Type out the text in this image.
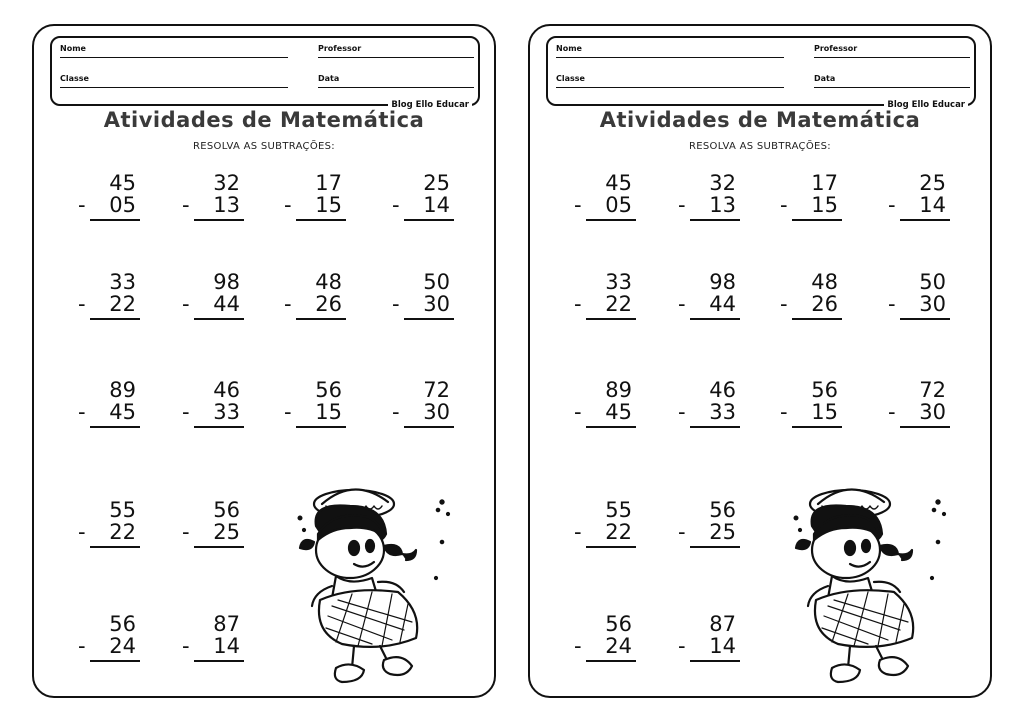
Nome	Professor
Classe	Data
Blog Ello Educar
Atividades de Matemática
RESOLVA AS SUBTRAÇÕES:
45
- 05
32
- 13
17
- 15
25
- 14
33
- 22
98
- 44
48
- 26
50
- 30
89
- 45
46
- 33
56
- 15
72
- 30
55
- 22
56
- 25
56
- 24
87
- 14
Nome	Professor
Classe	Data
Blog Ello Educar
Atividades de Matemática
RESOLVA AS SUBTRAÇÕES:
45
- 05
32
- 13
17
- 15
25
- 14
33
- 22
98
- 44
48
- 26
50
- 30
89
- 45
46
- 33
56
- 15
72
- 30
55
- 22
56
- 25
56
- 24
87
- 14
